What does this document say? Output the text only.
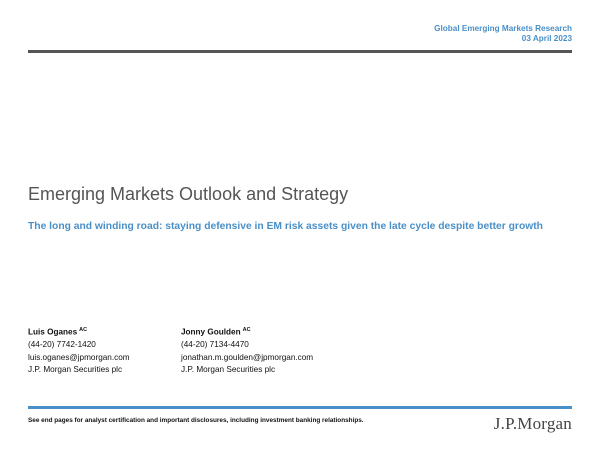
Global Emerging Markets Research
03 April 2023
Emerging Markets Outlook and Strategy
The long and winding road: staying defensive in EM risk assets given the late cycle despite better growth
Luis Oganes $^{AC}$
(44-20) 7742-1420
luis.oganes@jpmorgan.com
J.P. Morgan Securities plc
Jonny Goulden $^{AC}$
(44-20) 7134-4470
jonathan.m.goulden@jpmorgan.com
J.P. Morgan Securities plc
See end pages for analyst certification and important disclosures, including investment banking relationships.	J.P.Morgan
